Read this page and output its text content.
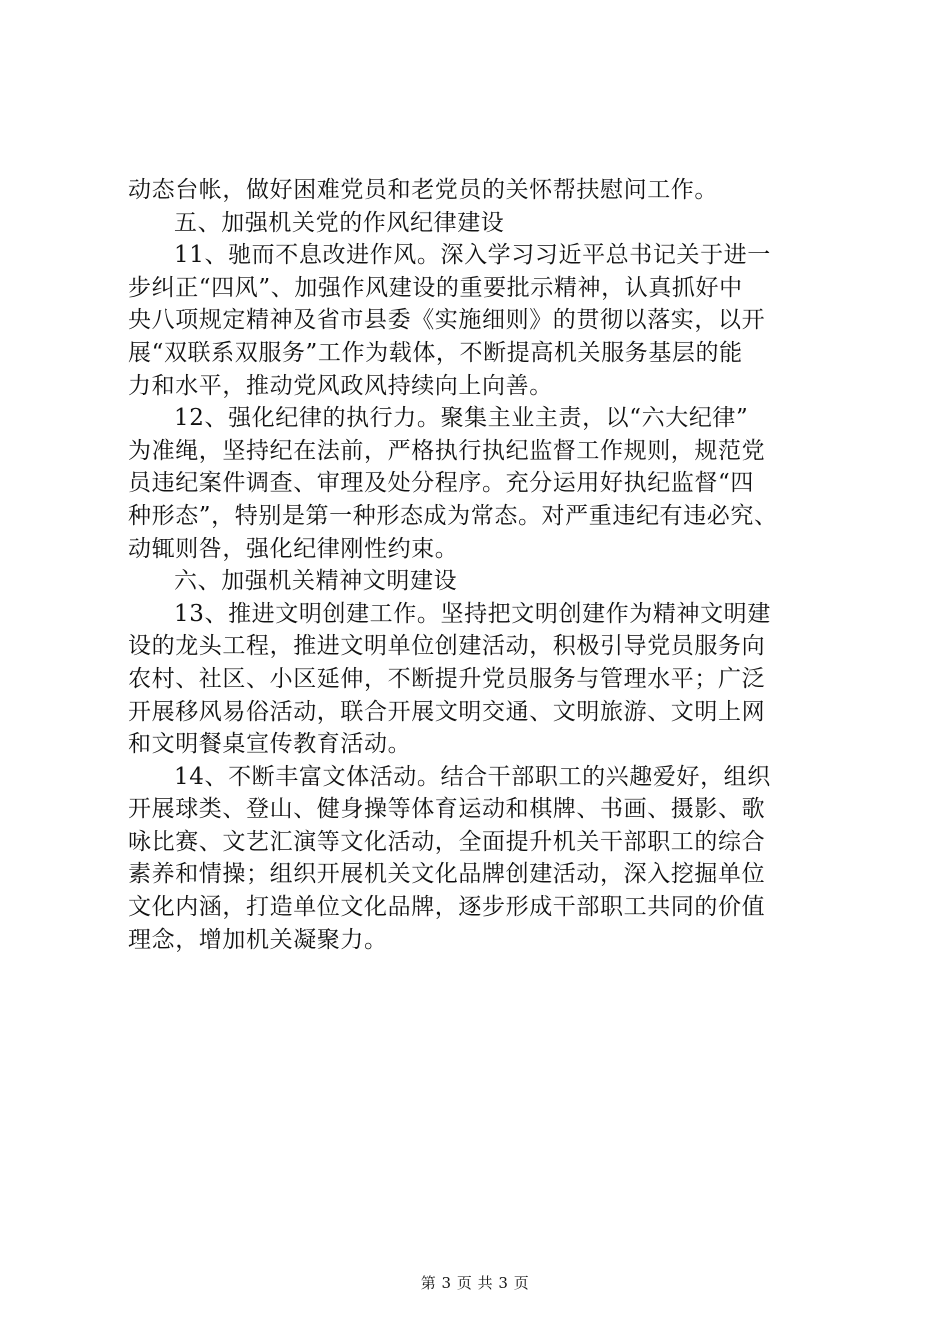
动态台帐，做好困难党员和老党员的关怀帮扶慰问工作。
五、加强机关党的作风纪律建设
11、驰而不息改进作风。深入学习习近平总书记关于进一
步纠正“四风”、加强作风建设的重要批示精神，认真抓好中
央八项规定精神及省市县委《实施细则》的贯彻以落实，以开
展“双联系双服务”工作为载体，不断提高机关服务基层的能
力和水平，推动党风政风持续向上向善。
12、强化纪律的执行力。聚集主业主责，以“六大纪律”
为准绳，坚持纪在法前，严格执行执纪监督工作规则，规范党
员违纪案件调查、审理及处分程序。充分运用好执纪监督“四
种形态”，特别是第一种形态成为常态。对严重违纪有违必究、
动辄则咎，强化纪律刚性约束。
六、加强机关精神文明建设
13、推进文明创建工作。坚持把文明创建作为精神文明建
设的龙头工程，推进文明单位创建活动，积极引导党员服务向
农村、社区、小区延伸，不断提升党员服务与管理水平；广泛
开展移风易俗活动，联合开展文明交通、文明旅游、文明上网
和文明餐桌宣传教育活动。
14、不断丰富文体活动。结合干部职工的兴趣爱好，组织
开展球类、登山、健身操等体育运动和棋牌、书画、摄影、歌
咏比赛、文艺汇演等文化活动，全面提升机关干部职工的综合
素养和情操；组织开展机关文化品牌创建活动，深入挖掘单位
文化内涵，打造单位文化品牌，逐步形成干部职工共同的价值
理念，增加机关凝聚力。
第 3 页 共 3 页
